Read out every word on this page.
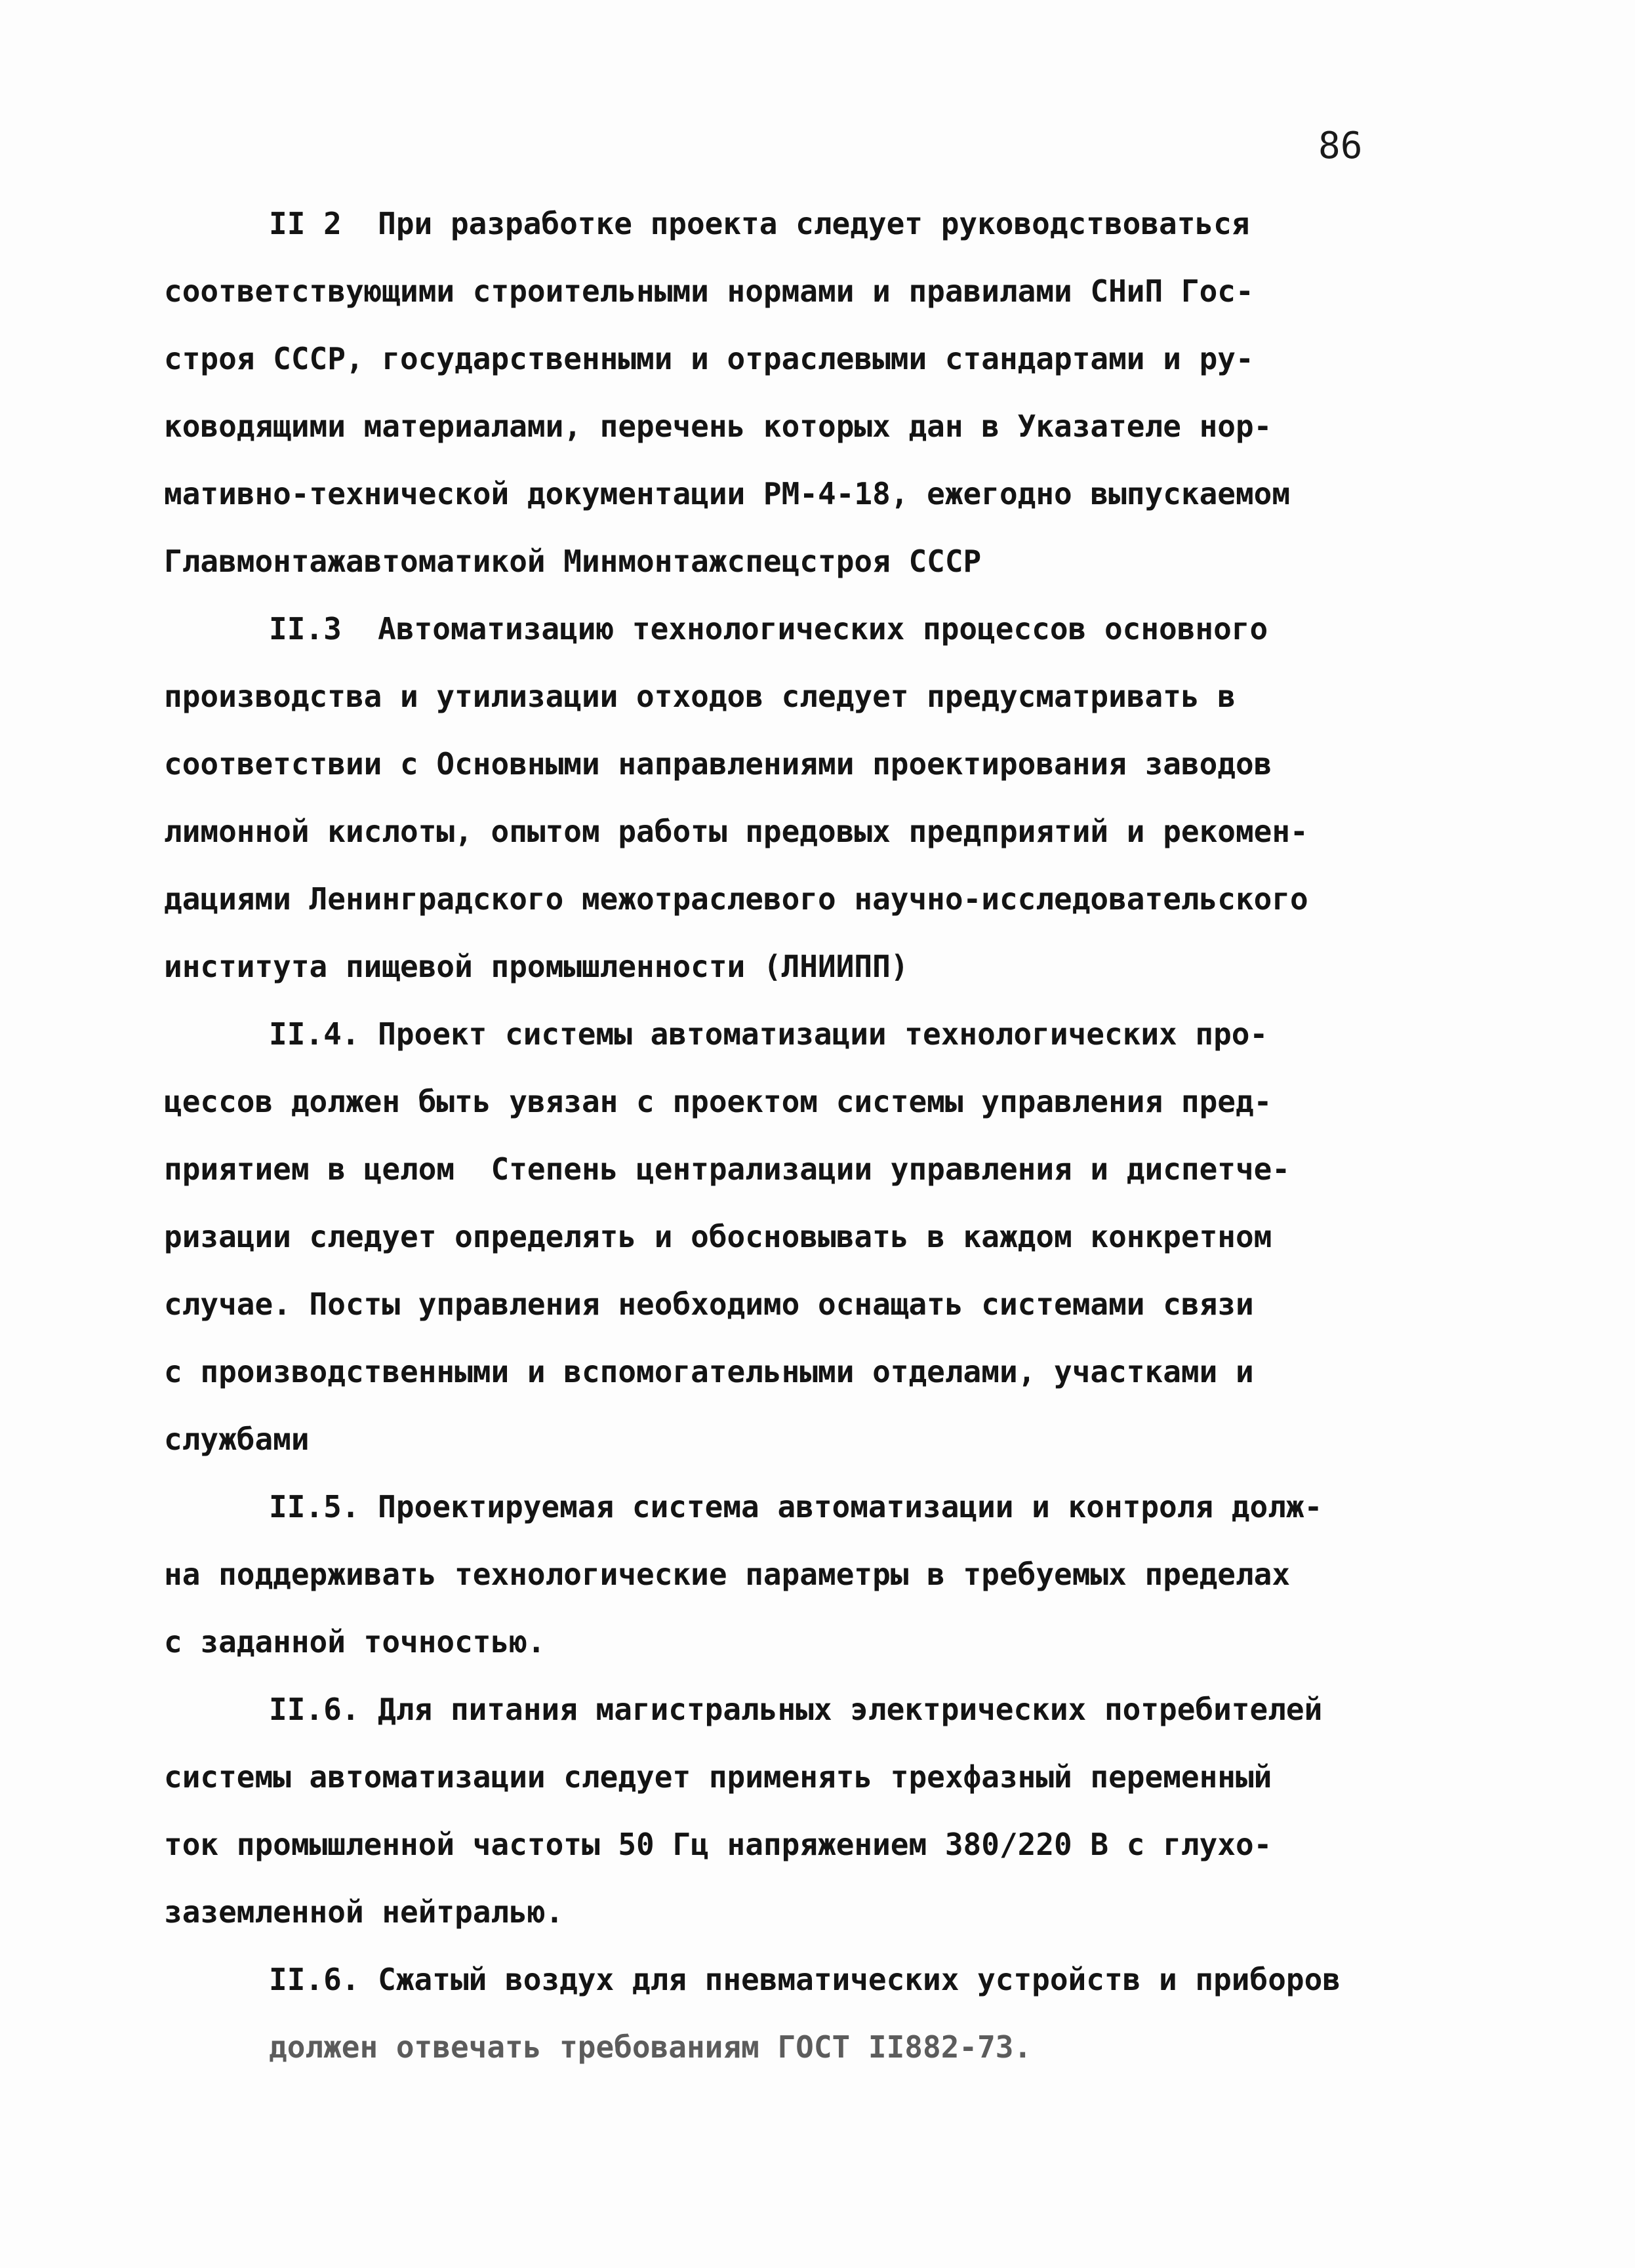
86
II 2  При разработке проекта следует руководствоваться
соответствующими строительными нормами и правилами СНиП Гос-
строя СССР, государственными и отраслевыми стандартами и ру-
ководящими материалами, перечень которых дан в Указателе нор-
мативно-технической документации РМ-4-18, ежегодно выпускаемом
Главмонтажавтоматикой Минмонтажспецстроя СССР
II.3  Автоматизацию технологических процессов основного
производства и утилизации отходов следует предусматривать в
соответствии с Основными направлениями проектирования заводов
лимонной кислоты, опытом работы предовых предприятий и рекомен-
дациями Ленинградского межотраслевого научно-исследовательского
института пищевой промышленности (ЛНИИПП)
II.4. Проект системы автоматизации технологических про-
цессов должен быть увязан с проектом системы управления пред-
приятием в целом  Степень централизации управления и диспетче-
ризации следует определять и обосновывать в каждом конкретном
случае. Посты управления необходимо оснащать системами связи
с производственными и вспомогательными отделами, участками и
службами
II.5. Проектируемая система автоматизации и контроля долж-
на поддерживать технологические параметры в требуемых пределах
с заданной точностью.
II.6. Для питания магистральных электрических потребителей
системы автоматизации следует применять трехфазный переменный
ток промышленной частоты 50 Гц напряжением 380/220 В с глухо-
заземленной нейтралью.
II.6. Сжатый воздух для пневматических устройств и приборов
должен отвечать требованиям ГОСТ II882-73.
